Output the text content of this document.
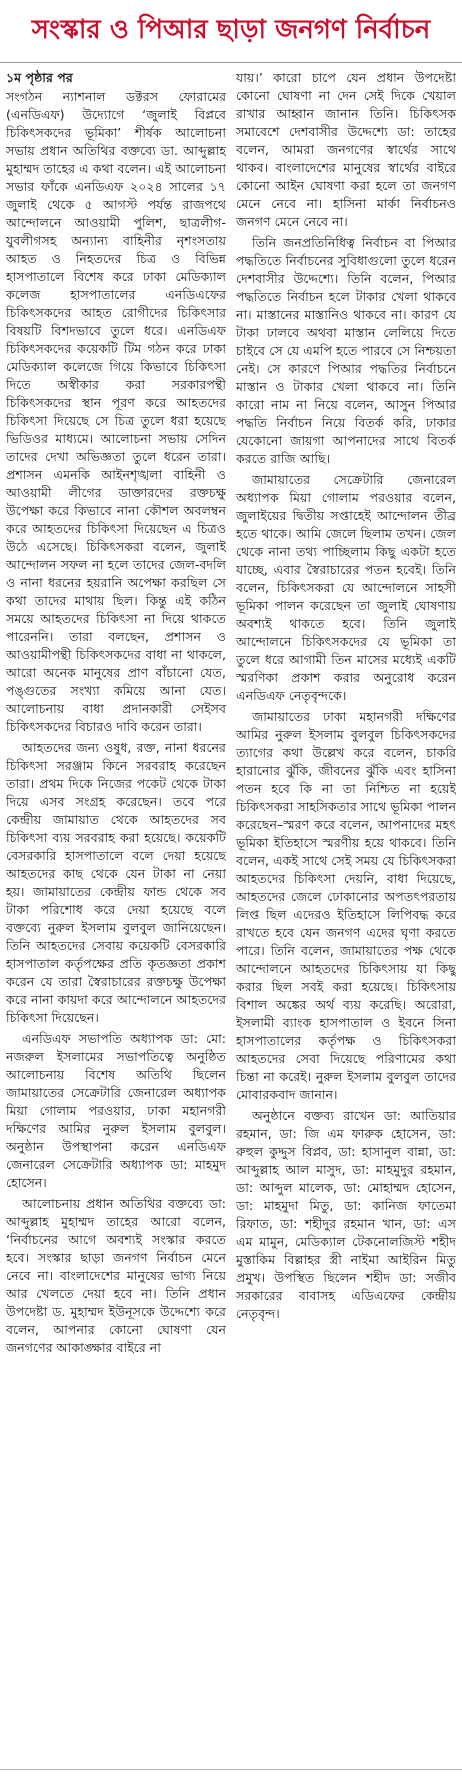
সংস্কার ও পিআর ছাড়া জনগণ নির্বাচন
১ম পৃষ্ঠার পর

সংগঠন ন্যাশনাল ডক্টরস ফোরামের (এনডিএফ) উদ্যোগে ‘জুলাই বিপ্লবে চিকিৎসকদের ভূমিকা’ শীর্ষক আলোচনা সভায় প্রধান অতিথির বক্তব্যে ডা. আব্দুল্লাহ মুহাম্মদ তাহের এ কথা বলেন। এই আলোচনা সভার ফাঁকে এনডিএফ ২০২৪ সালের ১৭ জুলাই থেকে ৫ আগস্ট পর্যন্ত রাজপথে আন্দোলনে আওয়ামী পুলিশ, ছাত্রলীগ-যুবলীগসহ অন্যান্য বাহিনীর নৃশংসতায় আহত ও নিহতদের চিত্র ও বিভিন্ন হাসপাতালে বিশেষ করে ঢাকা মেডিক্যাল কলেজ হাসপাতালের এনডিএফের চিকিৎসকদের আহত রোগীদের চিকিৎসার বিষয়টি বিশদভাবে তুলে ধরে। এনডিএফ চিকিৎসকদের কয়েকটি টিম গঠন করে ঢাকা মেডিক্যাল কলেজে গিয়ে কিভাবে চিকিৎসা দিতে অস্বীকার করা সরকারপন্থী চিকিৎসকদের স্থান পূরণ করে আহতদের চিকিৎসা দিয়েছে সে চিত্র তুলে ধরা হয়েছে ভিডিওর মাধ্যমে। আলোচনা সভায় সেদিন তাদের দেখা অভিজ্ঞতা তুলে ধরেন তারা। প্রশাসন এমনকি আইনশৃঙ্খলা বাহিনী ও আওয়ামী লীগের ডাক্তারদের রক্তচক্ষু উপেক্ষা করে কিভাবে নানা কৌশল অবলম্বন করে আহতদের চিকিৎসা দিয়েছেন এ চিত্রও উঠে এসেছে। চিকিৎসকরা বলেন, জুলাই আন্দোলন সফল না হলে তাদের জেল-বদলি ও নানা ধরনের হয়রানি অপেক্ষা করছিল সে কথা তাদের মাথায় ছিল। কিন্তু এই কঠিন সময়ে আহতদের চিকিৎসা না দিয়ে থাকতে পারেননি। তারা বলছেন, প্রশাসন ও আওয়ামীপন্থী চিকিৎসকদের বাধা না থাকলে, আরো অনেক মানুষের প্রাণ বাঁচানো যেত, পঙ্গুতের সংখ্যা কমিয়ে আনা যেত। আলোচনায় বাধা প্রদানকারী সেইসব চিকিৎসকদের বিচারও দাবি করেন তারা।

আহতদের জন্য ওষুধ, রক্ত, নানা ধরনের চিকিৎসা সরঞ্জাম কিনে সরবরাহ করেছেন তারা। প্রথম দিকে নিজের পকেট থেকে টাকা দিয়ে এসব সংগ্রহ করেছেন। তবে পরে কেন্দ্রীয় জামায়াত থেকে আহতদের সব চিকিৎসা ব্যয় সরবরাহ করা হয়েছে। কয়েকটি বেসরকারি হাসপাতালে বলে দেয়া হয়েছে আহতদের কাছ থেকে যেন টাকা না নেয়া হয়। জামায়াতের কেন্দ্রীয় ফান্ড থেকে সব টাকা পরিশোধ করে দেয়া হয়েছে বলে বক্তব্যে নুরুল ইসলাম বুলবুল জানিয়েছেন। তিনি আহতদের সেবায় কয়েকটি বেসরকারি হাসপাতাল কর্তৃপক্ষের প্রতি কৃতজ্ঞতা প্রকাশ করেন যে তারা স্বৈরাচারের রক্তচক্ষু উপেক্ষা করে নানা কায়দা করে আন্দোলনে আহতদের চিকিৎসা দিয়েছেন।

এনডিএফ সভাপতি অধ্যাপক ডা: মো: নজরুল ইসলামের সভাপতিত্বে অনুষ্ঠিত আলোচনায় বিশেষ অতিথি ছিলেন জামায়াতের সেক্রেটারি জেনারেল অধ্যাপক মিয়া গোলাম পরওয়ার, ঢাকা মহানগরী দক্ষিণের আমির নুরুল ইসলাম বুলবুল। অনুষ্ঠান উপস্থাপনা করেন এনডিএফ জেনারেল সেক্রেটারি অধ্যাপক ডা: মাহমুদ হোসেন।

আলোচনায় প্রধান অতিথির বক্তব্যে ডা: আব্দুল্লাহ মুহাম্মদ তাহের আরো বলেন, ‘নির্বাচনের আগে অবশ্যই সংস্কার করতে হবে। সংস্কার ছাড়া জনগণ নির্বাচন মেনে নেবে না। বাংলাদেশের মানুষের ভাগ্য নিয়ে আর খেলতে দেয়া হবে না। তিনি প্রধান উপদেষ্টা ড. মুহাম্মদ ইউনূসকে উদ্দেশ্যে করে বলেন, আপনার কোনো ঘোষণা যেন জনগণের আকাঙ্ক্ষার বাইরে না

যায়।’ কারো চাপে যেন প্রধান উপদেষ্টা কোনো ঘোষণা না দেন সেই দিকে খেয়াল রাখার আহ্বান জানান তিনি। চিকিৎসক সমাবেশে দেশবাসীর উদ্দেশ্যে ডা: তাহের বলেন, আমরা জনগণের স্বার্থের সাথে থাকব। বাংলাদেশের মানুষের স্বার্থের বাইরে কোনো আইন ঘোষণা করা হলে তা জনগণ মেনে নেবে না। হাসিনা মার্কা নির্বাচনও জনগণ মেনে নেবে না।

তিনি জনপ্রতিনিধিত্ব নির্বাচন বা পিআর পদ্ধতিতে নির্বাচনের সুবিধাগুলো তুলে ধরেন দেশবাসীর উদ্দেশ্যে। তিনি বলেন, পিআর পদ্ধতিতে নির্বাচন হলে টাকার খেলা থাকবে না। মাস্তানের মাস্তানিও থাকবে না। কারণ যে টাকা ঢালবে অথবা মাস্তান লেলিয়ে দিতে চাইবে সে যে এমপি হতে পারবে সে নিশ্চয়তা নেই। সে কারণে পিআর পদ্ধতির নির্বাচনে মাস্তান ও টাকার খেলা থাকবে না। তিনি কারো নাম না নিয়ে বলেন, আসুন পিআর পদ্ধতি নির্বাচন নিয়ে বিতর্ক করি, ঢাকার যেকোনো জায়গা আপনাদের সাথে বিতর্ক করতে রাজি আছি।

জামায়াতের সেক্রেটারি জেনারেল অধ্যাপক মিয়া গোলাম পরওয়ার বলেন, জুলাইয়ের দ্বিতীয় সপ্তাহেই আন্দোলন তীব্র হতে থাকে। আমি জেলে ছিলাম তখন। জেল থেকে নানা তথ্য পাচ্ছিলাম কিছু একটা হতে যাচ্ছে, এবার স্বৈরাচারের পতন হবেই। তিনি বলেন, চিকিৎসকরা যে আন্দোলনে সাহসী ভূমিকা পালন করেছেন তা জুলাই ঘোষণায় অবশ্যই থাকতে হবে। তিনি জুলাই আন্দোলনে চিকিৎসকদের যে ভূমিকা তা তুলে ধরে আগামী তিন মাসের মধ্যেই একটি স্মরণিকা প্রকাশ করার অনুরোধ করেন এনডিএফ নেতৃবৃন্দকে।

জামায়াতের ঢাকা মহানগরী দক্ষিণের আমির নুরুল ইসলাম বুলবুল চিকিৎসকদের ত্যাগের কথা উল্লেখ করে বলেন, চাকরি হারানোর ঝুঁকি, জীবনের ঝুঁকি এবং হাসিনা পতন হবে কি না তা নিশ্চিত না হয়েই চিকিৎসকরা সাহসিকতার সাথে ভূমিকা পালন করেছেন–স্মরণ করে বলেন, আপনাদের মহৎ ভূমিকা ইতিহাসে স্মরণীয় হয়ে থাকবে। তিনি বলেন, একই সাথে সেই সময় যে চিকিৎসকরা আহতদের চিকিৎসা দেয়নি, বাধা দিয়েছে, আহতদের জেলে ঢোকানোর অপতৎপরতায় লিপ্ত ছিল এদেরও ইতিহাসে লিপিবদ্ধ করে রাখতে হবে যেন জনগণ এদের ঘৃণা করতে পারে। তিনি বলেন, জামায়াতের পক্ষ থেকে আন্দোলনে আহতদের চিকিৎসায় যা কিছু করার ছিল সবই করা হয়েছে। চিকিৎসায় বিশাল অঙ্কের অর্থ ব্যয় করেছি। অরোরা, ইসলামী ব্যাংক হাসপাতাল ও ইবনে সিনা হাসপাতালের কর্তৃপক্ষ ও চিকিৎসকরা আহতদের সেবা দিয়েছে পরিণামের কথা চিন্তা না করেই। নুরুল ইসলাম বুলবুল তাদের মোবারকবাদ জানান।

অনুষ্ঠানে বক্তব্য রাখেন ডা: আতিয়ার রহমান, ডা: জি এম ফারুক হোসেন, ডা: রুহুল কুদ্দুস বিপ্লব, ডা: হাসানুল বান্না, ডা: আব্দুল্লাহ আল মাসুদ, ডা: মাহমুদুর রহমান, ডা: আব্দুল মালেক, ডা: মোহাম্মদ হোসেন, ডা: মাহমুদা মিতু, ডা: কানিজ ফাতেমা রিফাত, ডা: শহীদুর রহমান খান, ডা: এস এম মামুন, মেডিক্যাল টেকনোলজিস্ট শহীদ মুস্তাকিম বিল্লাহর স্ত্রী নাইমা আইরিন মিতু প্রমুখ। উপস্থিত ছিলেন শহীদ ডা: সজীব সরকারের বাবাসহ এডিএফের কেন্দ্রীয় নেতৃবৃন্দ।
